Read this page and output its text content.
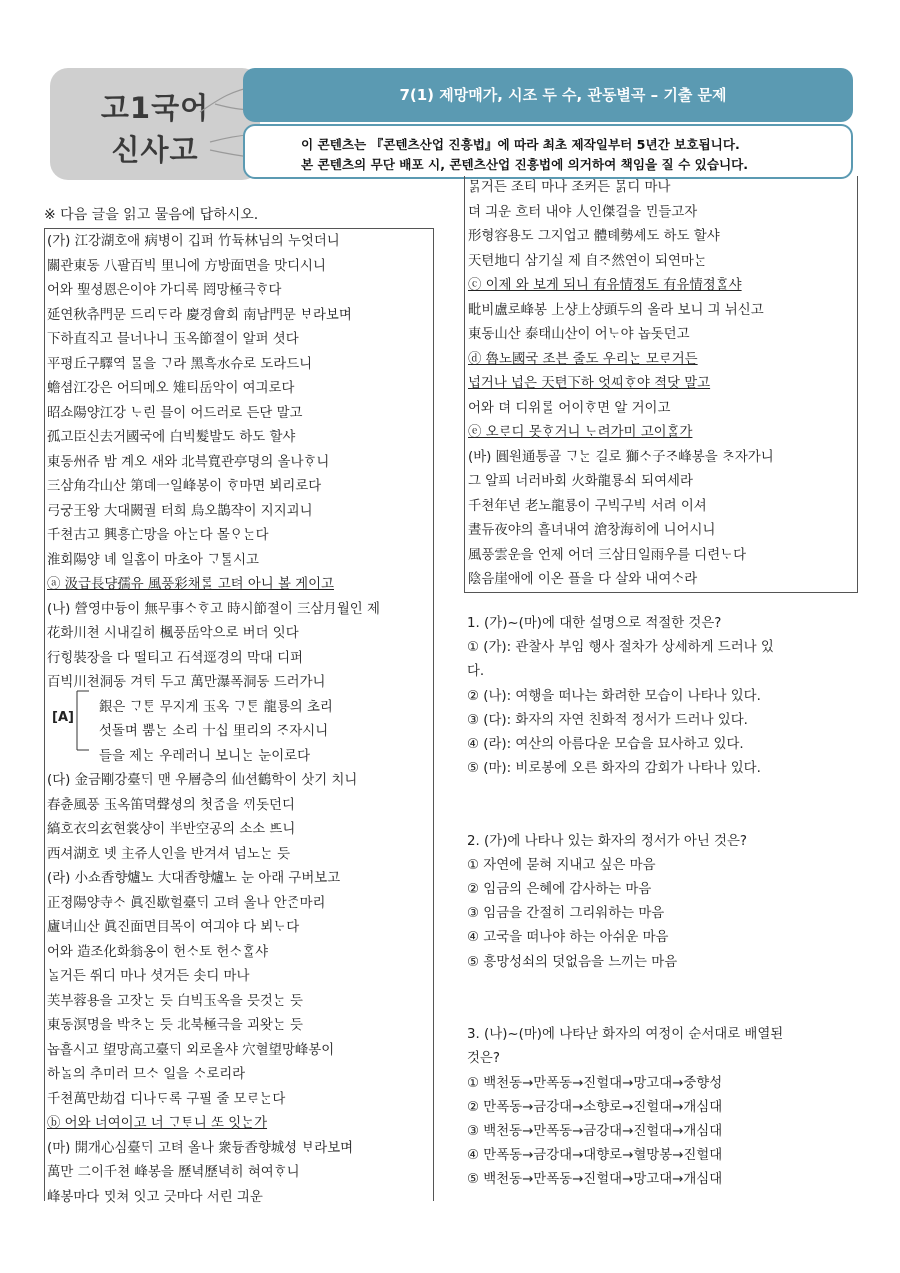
고1국어
신사고
7(1) 제망매가, 시조 두 수, 관동별곡 – 기출 문제
이 콘텐츠는 『콘텐츠산업 진흥법』에 따라 최초 제작일부터 5년간 보호됩니다.
본 콘텐츠의 무단 배포 시, 콘텐츠산업 진흥법에 의거하여 책임을 질 수 있습니다.
※ 다음 글을 읽고 물음에 답하시오.
(가) 江강湖호애 病병이 깁퍼 竹듁林님의 누엇더니
關관東동 八팔百빅 里니에 方방面면을 맛디시니
어와 聖셩恩은이야 가디록 罔망極극ᄒᆞ다
延연秋츄門문 드리ᄃᆞ라 慶경會회 南남門문 ᄇᆞ라보며
下하直직고 믈너나니 玉옥節졀이 알퍼 셧다
平평丘구驛역 ᄆᆞᆯ을 ᄀᆞ라 黑흑水슈로 도라드니
蟾셤江강은 어듸메오 雉티岳악이 여긔로다
昭쇼陽양江강 ᄂᆞ린 믈이 어드러로 든단 말고
孤고臣신去거國국에 白빅髮발도 하도 할샤
東동州쥬 밤 계오 새와 北븍寬관亭뎡의 올나ᄒᆞ니
三삼角각山산 第뎨一일峰봉이 ᄒᆞ마면 뵈리로다
弓궁王왕 大대闕궐 터희 烏오鵲쟉이 지지괴니
千쳔古고 興흥亡망을 아ᄂᆞᆫ다 몰ᄋᆞᄂᆞᆫ다
淮회陽양 녜 일홈이 마초아 ᄀᆞᄐᆞᆯ시고
ⓐ 汲급長댱孺유 風풍彩채ᄅᆞᆯ 고텨 아니 볼 게이고
(나) 營영中듕이 無무事ᄉᆞᄒᆞ고 時시節졀이 三삼月월인 제
花화川쳔 시내길히 楓풍岳악으로 버더 잇다
行힝裝장을 다 떨티고 石셕逕경의 막대 디퍼
百빅川쳔洞동 겨ᄐᆡ 두고 萬만瀑폭洞동 드러가니
銀은 ᄀᆞᄐᆞᆫ 무지게 玉옥 ᄀᆞᄐᆞᆫ 龍룡의 초리
섯돌며 뿜ᄂᆞᆫ 소리 十십 里리의 ᄌᆞ자시니
들을 제ᄂᆞᆫ 우레러니 보니ᄂᆞᆫ 눈이로다
(다) 金금剛강臺ᄃᆡ 맨 우層층의 仙션鶴학이 삿기 치니
春츈風풍 玉옥笛뎍聲셩의 첫ᄌᆞᆷ을 ᄭᆡ돗던디
縞호衣의玄현裳샹이 半반空공의 소소 ᄠᅳ니
西셔湖호 녯 主쥬人인을 반겨셔 넘노ᄂᆞᆫ 듯
(라) 小쇼香향爐노 大대香향爐노 눈 아래 구버보고
正졍陽양寺ᄉᆞ 眞진歇헐臺ᄃᆡ 고텨 올나 안ᄌᆞᆫ마리
廬녀山산 眞진面면目목이 여긔야 다 뵈ᄂᆞ다
어와 造조化화翁옹이 헌ᄉᆞ토 헌ᄉᆞᄒᆞᆯ샤
ᄂᆞᆯ거든 ᄯᅱ디 마나 셧거든 솟디 마나
芙부蓉용을 고잣ᄂᆞᆫ 듯 白빅玉옥을 믓것ᄂᆞᆫ 듯
東동溟명을 박ᄎᆞᄂᆞᆫ 듯 北북極극을 괴왓ᄂᆞᆫ 듯
놉흘시고 望망高고臺ᄃᆡ 외로올샤 穴혈望망峰봉이
하ᄂᆞᆯ의 추미러 므ᄉᆞ 일을 ᄉᆞ로리라
千쳔萬만劫겁 디나ᄃᆞ록 구필 줄 모ᄅᆞᄂᆞᆫ다
ⓑ 어와 너여이고 너 ᄀᆞᄐᆞ니 ᄯᅩ 잇ᄂᆞᆫ가
(마) 開개心심臺ᄃᆡ 고텨 올나 衆듕香향城셩 ᄇᆞ라보며
萬만 二이千쳔 峰봉을 歷녁歷녁히 혀여ᄒᆞ니
峰봉마다 ᄆᆡᆺ쳐 잇고 긋마다 서린 긔운
[A]
ᄆᆞᆰ거든 조티 마나 조커든 ᄆᆞᆰ디 마나
뎌 긔운 흐터 내야 人인傑걸을 ᄆᆡᆫ들고자
形형容용도 그지업고 體톄勢셰도 하도 할샤
天텬地디 삼기실 제 自ᄌᆞ然연이 되연마ᄂᆞᆫ
ⓒ 이제 와 보게 되니 有유情졍도 有유情졍ᄒᆞᆯ샤
毗비盧로峰봉 上샹上샹頭두의 올라 보니 긔 뉘신고
東동山산 泰태山산이 어ᄂᆞ야 놉돗던고
ⓓ 魯노國국 조븐 줄도 우리ᄂᆞᆫ 모ᄅᆞ거든
넙거나 넙은 天텬下하 엇ᄯᅵᄒᆞ야 젹닷 말고
어와 뎌 디위ᄅᆞᆯ 어이ᄒᆞ면 알 거이고
ⓔ 오ᄅᆞ디 못ᄒᆞ거니 ᄂᆞ려가미 고이ᄒᆞᆯ가
(바) 圓원通통골 ᄀᆞᄂᆞᆫ 길로 獅ᄉᆞ子ᄌᆞ峰봉을 ᄎᆞ자가니
그 알픠 너러바회 火화龍룡쇠 되여세라
千쳔年년 老노龍룡이 구빅구빅 서려 이셔
晝듀夜야의 흘녀내여 滄창海히에 니어시니
風풍雲운을 언제 어더 三삼日일雨우를 디련ᄂᆞ다
陰음崖애에 이온 플을 다 살와 내여ᄉᆞ라
1. (가)~(마)에 대한 설명으로 적절한 것은?
① (가): 관찰사 부임 행사 절차가 상세하게 드러나 있
다.
② (나): 여행을 떠나는 화려한 모습이 나타나 있다.
③ (다): 화자의 자연 친화적 정서가 드러나 있다.
④ (라): 여산의 아름다운 모습을 묘사하고 있다.
⑤ (마): 비로봉에 오른 화자의 감회가 나타나 있다.
2. (가)에 나타나 있는 화자의 정서가 아닌 것은?
① 자연에 묻혀 지내고 싶은 마음
② 임금의 은혜에 감사하는 마음
③ 임금을 간절히 그리워하는 마음
④ 고국을 떠나야 하는 아쉬운 마음
⑤ 흥망성쇠의 덧없음을 느끼는 마음
3. (나)~(마)에 나타난 화자의 여정이 순서대로 배열된
것은?
① 백천동→만폭동→진헐대→망고대→중향성
② 만폭동→금강대→소향로→진헐대→개심대
③ 백천동→만폭동→금강대→진헐대→개심대
④ 만폭동→금강대→대향로→혈망봉→진헐대
⑤ 백천동→만폭동→진헐대→망고대→개심대
